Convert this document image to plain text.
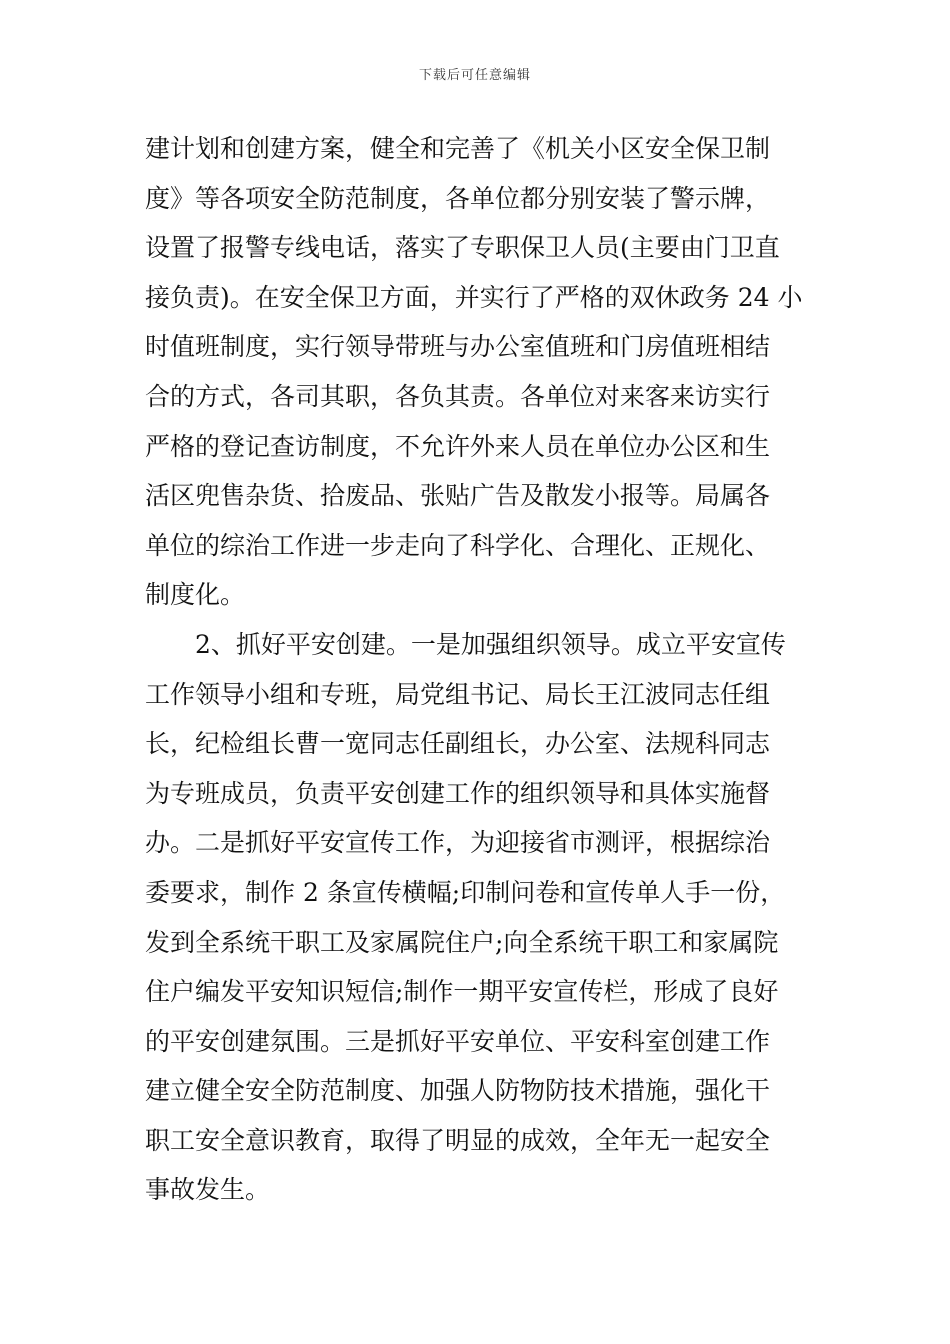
下载后可任意编辑
建计划和创建方案，健全和完善了《机关小区安全保卫制
度》等各项安全防范制度，各单位都分别安装了警示牌，
设置了报警专线电话，落实了专职保卫人员(主要由门卫直
接负责)。在安全保卫方面，并实行了严格的双休政务 24 小
时值班制度，实行领导带班与办公室值班和门房值班相结
合的方式，各司其职，各负其责。各单位对来客来访实行
严格的登记查访制度，不允许外来人员在单位办公区和生
活区兜售杂货、拾废品、张贴广告及散发小报等。局属各
单位的综治工作进一步走向了科学化、合理化、正规化、
制度化。
　　2、抓好平安创建。一是加强组织领导。成立平安宣传
工作领导小组和专班，局党组书记、局长王江波同志任组
长，纪检组长曹一宽同志任副组长，办公室、法规科同志
为专班成员，负责平安创建工作的组织领导和具体实施督
办。二是抓好平安宣传工作，为迎接省市测评，根据综治
委要求，制作 2 条宣传横幅;印制问卷和宣传单人手一份，
发到全系统干职工及家属院住户;向全系统干职工和家属院
住户编发平安知识短信;制作一期平安宣传栏，形成了良好
的平安创建氛围。三是抓好平安单位、平安科室创建工作
建立健全安全防范制度、加强人防物防技术措施，强化干
职工安全意识教育，取得了明显的成效，全年无一起安全
事故发生。
